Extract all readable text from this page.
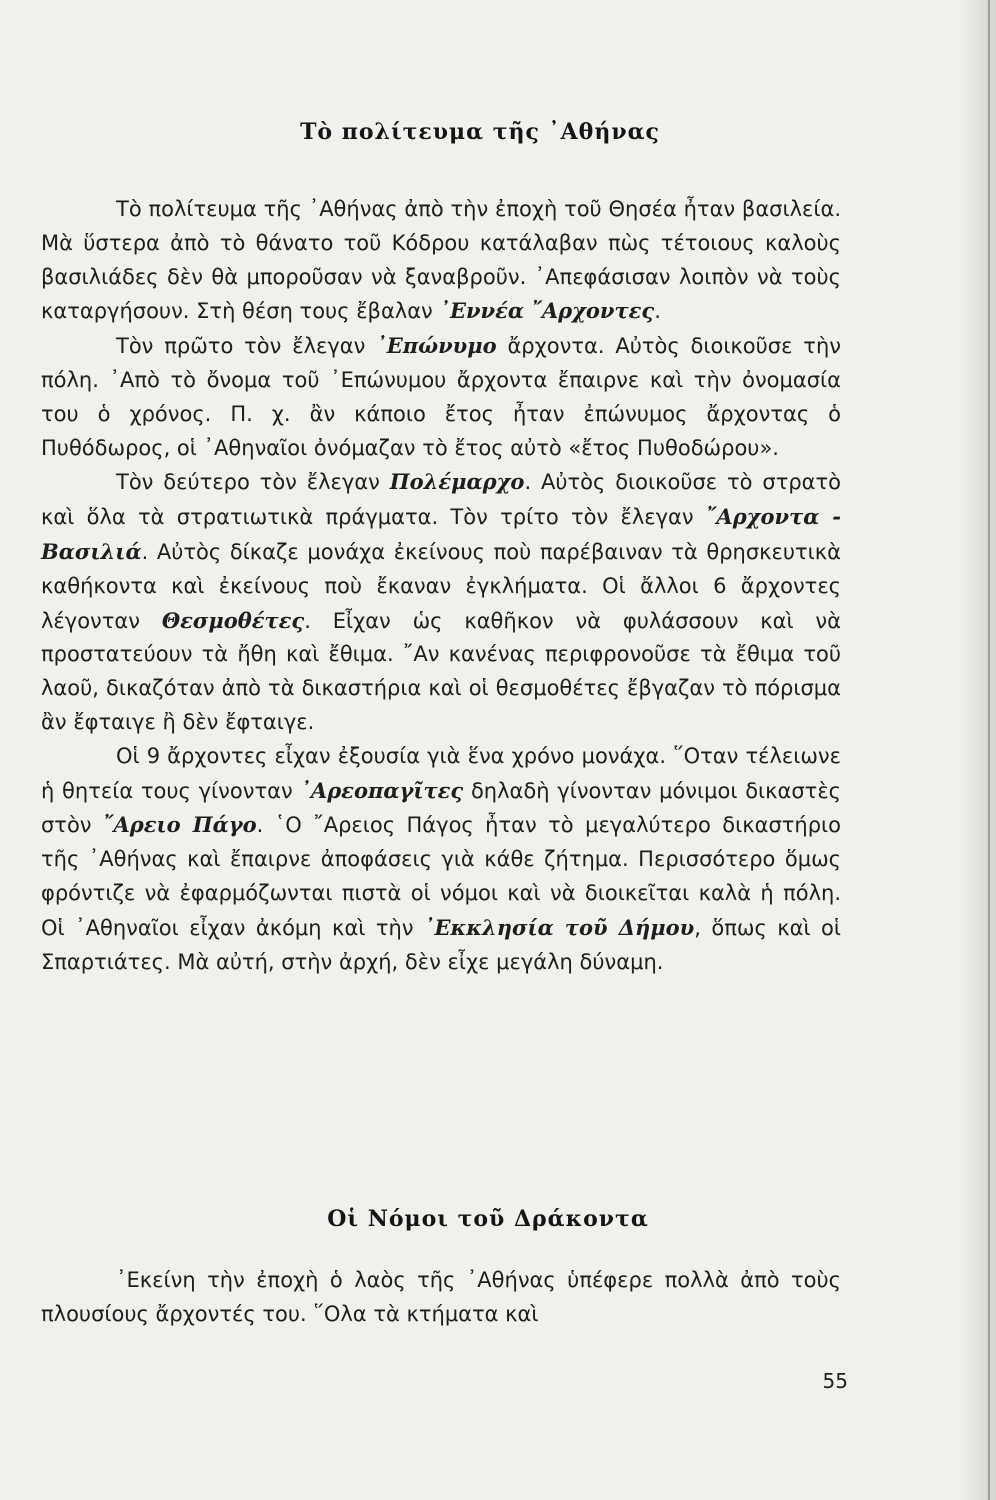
Τὸ πολίτευμα τῆς ᾿Αθήνας

Τὸ πολίτευμα τῆς ᾿Αθήνας ἀπὸ τὴν ἐποχὴ τοῦ Θησέα ἦταν βασιλεία. Μὰ ὕστερα ἀπὸ τὸ θάνατο τοῦ Κόδρου κατάλαβαν πὼς τέτοιους καλοὺς βασιλιάδες δὲν θὰ μποροῦσαν νὰ ξαναβροῦν. ᾿Απεφάσισαν λοιπὸν νὰ τοὺς καταργήσουν. Στὴ θέση τους ἔβαλαν ᾿Εννέα ῎Αρχοντες.

Τὸν πρῶτο τὸν ἔλεγαν ᾿Επώνυμο ἄρχοντα. Αὐτὸς διοικοῦσε τὴν πόλη. ᾿Απὸ τὸ ὄνομα τοῦ ᾿Επώνυμου ἄρχοντα ἔπαιρνε καὶ τὴν ὀνομασία του ὁ χρόνος. Π. χ. ἂν κάποιο ἔτος ἦταν ἐπώνυμος ἄρχοντας ὁ Πυθόδωρος, οἱ ᾿Αθηναῖοι ὀνόμαζαν τὸ ἔτος αὐτὸ «ἔτος Πυθοδώρου».

Τὸν δεύτερο τὸν ἔλεγαν Πολέμαρχο. Αὐτὸς διοικοῦσε τὸ στρατὸ καὶ ὅλα τὰ στρατιωτικὰ πράγματα. Τὸν τρίτο τὸν ἔλεγαν ῎Αρχοντα - Βασιλιά. Αὐτὸς δίκαζε μονάχα ἐκείνους ποὺ παρέβαιναν τὰ θρησκευτικὰ καθήκοντα καὶ ἐκείνους ποὺ ἔκαναν ἐγκλήματα. Οἱ ἄλλοι 6 ἄρχοντες λέγονταν Θεσμοθέτες. Εἶχαν ὡς καθῆκον νὰ φυλάσσουν καὶ νὰ προστατεύουν τὰ ἤθη καὶ ἔθιμα. ῎Αν κανένας περιφρονοῦσε τὰ ἔθιμα τοῦ λαοῦ, δικαζόταν ἀπὸ τὰ δικαστήρια καὶ οἱ θεσμοθέτες ἔβγαζαν τὸ πόρισμα ἂν ἔφταιγε ἢ δὲν ἔφταιγε.

Οἱ 9 ἄρχοντες εἶχαν ἐξουσία γιὰ ἕνα χρόνο μονάχα. ῞Οταν τέλειωνε ἡ θητεία τους γίνονταν ᾿Αρεοπαγῖτες δηλαδὴ γίνονταν μόνιμοι δικαστὲς στὸν ῎Αρειο Πάγο. ῾Ο ῎Αρειος Πάγος ἦταν τὸ μεγαλύτερο δικαστήριο τῆς ᾿Αθήνας καὶ ἔπαιρνε ἀποφάσεις γιὰ κάθε ζήτημα. Περισσότερο ὅμως φρόντιζε νὰ ἐφαρμόζωνται πιστὰ οἱ νόμοι καὶ νὰ διοικεῖται καλὰ ἡ πόλη. Οἱ ᾿Αθηναῖοι εἶχαν ἀκόμη καὶ τὴν ᾿Εκκλησία τοῦ Δήμου, ὅπως καὶ οἱ Σπαρτιάτες. Μὰ αὐτή, στὴν ἀρχή, δὲν εἶχε μεγάλη δύναμη.

Οἱ Νόμοι τοῦ Δράκοντα

᾿Εκείνη τὴν ἐποχὴ ὁ λαὸς τῆς ᾿Αθήνας ὑπέφερε πολλὰ ἀπὸ τοὺς πλουσίους ἄρχοντές του. ῞Ολα τὰ κτήματα καὶ

55
